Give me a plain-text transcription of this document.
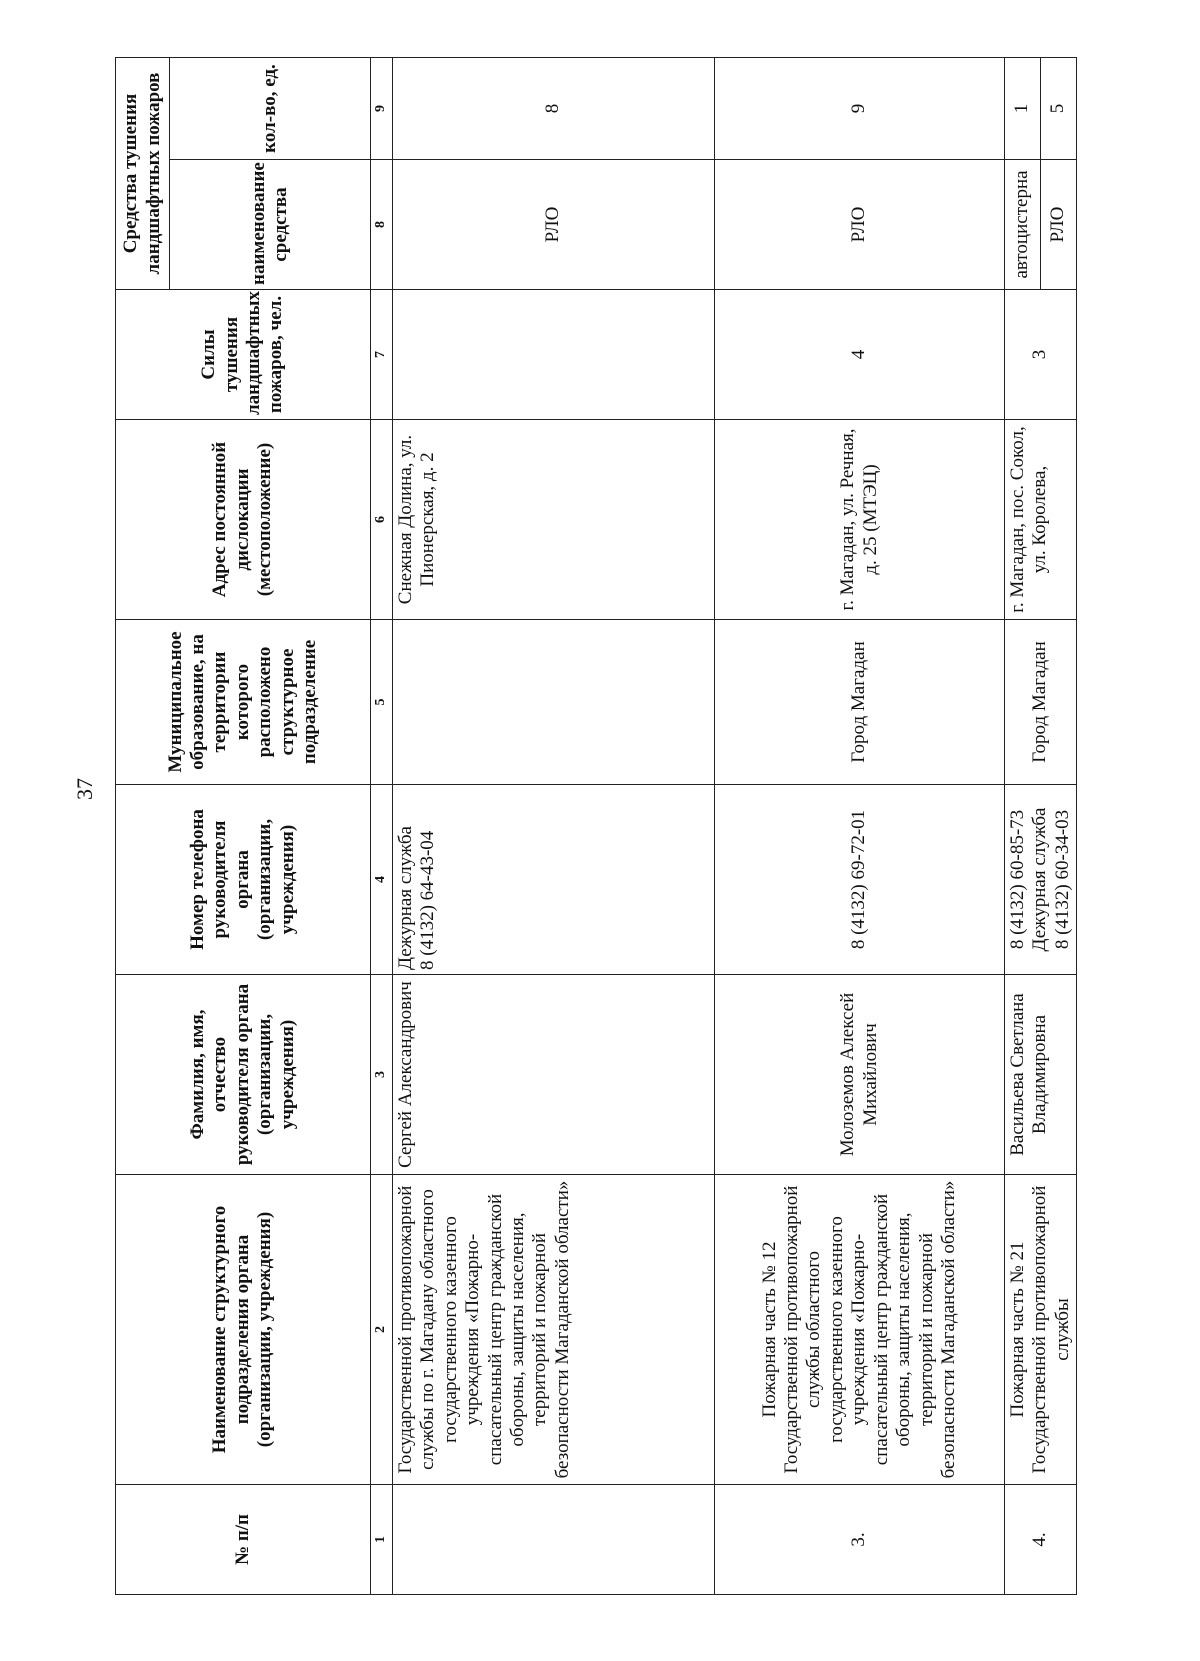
37
№ п/п	Наименование структурного подразделения органа (организации, учреждения)	Фамилия, имя, отчество руководителя органа (организации, учреждения)	Номер телефона руководителя органа (организации, учреждения)	Муниципальное образование, на территории которого расположено структурное подразделение	Адрес постоянной дислокации (местоположение)	Силы тушения ландшафтных пожаров, чел.	Средства тушения ландшафтных пожаров	
							наименование средства	кол-во, ед.
1	2	3	4	5	6	7	8	9
	Государственной противопожарной службы по г. Магадану областного государственного казенного учреждения «Пожарно-спасательный центр гражданской обороны, защиты населения, территорий и пожарной безопасности Магаданской области»	Сергей Александрович	Дежурная служба 8 (4132) 64-43-04		Снежная Долина, ул. Пионерская, д. 2		РЛО	8
3.	Пожарная часть № 12 Государственной противопожарной службы областного государственного казенного учреждения «Пожарно-спасательный центр гражданской обороны, защиты населения, территорий и пожарной безопасности Магаданской области»	Молоземов Алексей Михайлович	8 (4132) 69-72-01	Город Магадан	г. Магадан, ул. Речная, д. 25 (МТЭЦ)	4	РЛО	9
4.	Пожарная часть № 21 Государственной противопожарной службы	Васильева Светлана Владимировна	8 (4132) 60-85-73 Дежурная служба 8 (4132) 60-34-03	Город Магадан	г. Магадан, пос. Сокол, ул. Королева,	3	автоцистерна	1
							РЛО	5
